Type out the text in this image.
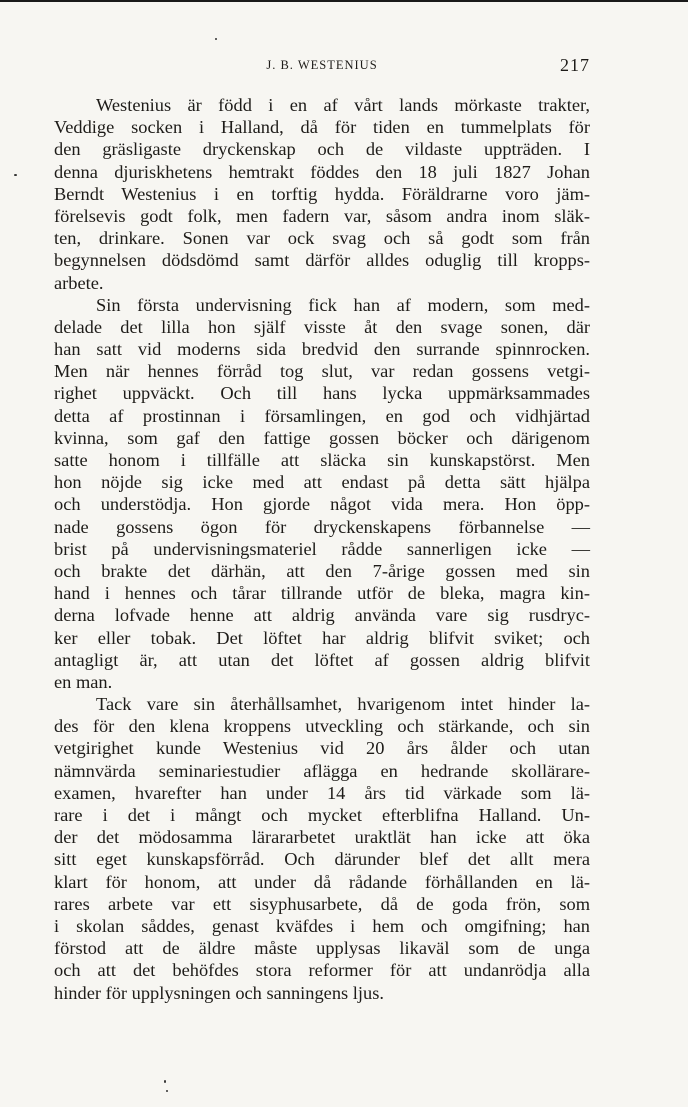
J. B. WESTENIUS	217
Westenius är född i en af vårt lands mörkaste trakter,
Veddige socken i Halland, då för tiden en tummelplats för
den gräsligaste dryckenskap och de vildaste uppträden. I
denna djuriskhetens hemtrakt föddes den 18 juli 1827 Johan
Berndt Westenius i en torftig hydda. Föräldrarne voro jäm-
förelsevis godt folk, men fadern var, såsom andra inom släk-
ten, drinkare. Sonen var ock svag och så godt som från
begynnelsen dödsdömd samt därför alldes oduglig till kropps-
arbete.
Sin första undervisning fick han af modern, som med-
delade det lilla hon själf visste åt den svage sonen, där
han satt vid moderns sida bredvid den surrande spinnrocken.
Men när hennes förråd tog slut, var redan gossens vetgi-
righet uppväckt. Och till hans lycka uppmärksammades
detta af prostinnan i församlingen, en god och vidhjärtad
kvinna, som gaf den fattige gossen böcker och därigenom
satte honom i tillfälle att släcka sin kunskapstörst. Men
hon nöjde sig icke med att endast på detta sätt hjälpa
och understödja. Hon gjorde något vida mera. Hon öpp-
nade gossens ögon för dryckenskapens förbannelse —
brist på undervisningsmateriel rådde sannerligen icke —
och brakte det därhän, att den 7-årige gossen med sin
hand i hennes och tårar tillrande utför de bleka, magra kin-
derna lofvade henne att aldrig använda vare sig rusdryc-
ker eller tobak. Det löftet har aldrig blifvit sviket; och
antagligt är, att utan det löftet af gossen aldrig blifvit
en man.
Tack vare sin återhållsamhet, hvarigenom intet hinder la-
des för den klena kroppens utveckling och stärkande, och sin
vetgirighet kunde Westenius vid 20 års ålder och utan
nämnvärda seminariestudier aflägga en hedrande skollärare-
examen, hvarefter han under 14 års tid värkade som lä-
rare i det i mångt och mycket efterblifna Halland. Un-
der det mödosamma lärararbetet uraktlät han icke att öka
sitt eget kunskapsförråd. Och därunder blef det allt mera
klart för honom, att under då rådande förhållanden en lä-
rares arbete var ett sisyphusarbete, då de goda frön, som
i skolan såddes, genast kväfdes i hem och omgifning; han
förstod att de äldre måste upplysas likaväl som de unga
och att det behöfdes stora reformer för att undanrödja alla
hinder för upplysningen och sanningens ljus.
